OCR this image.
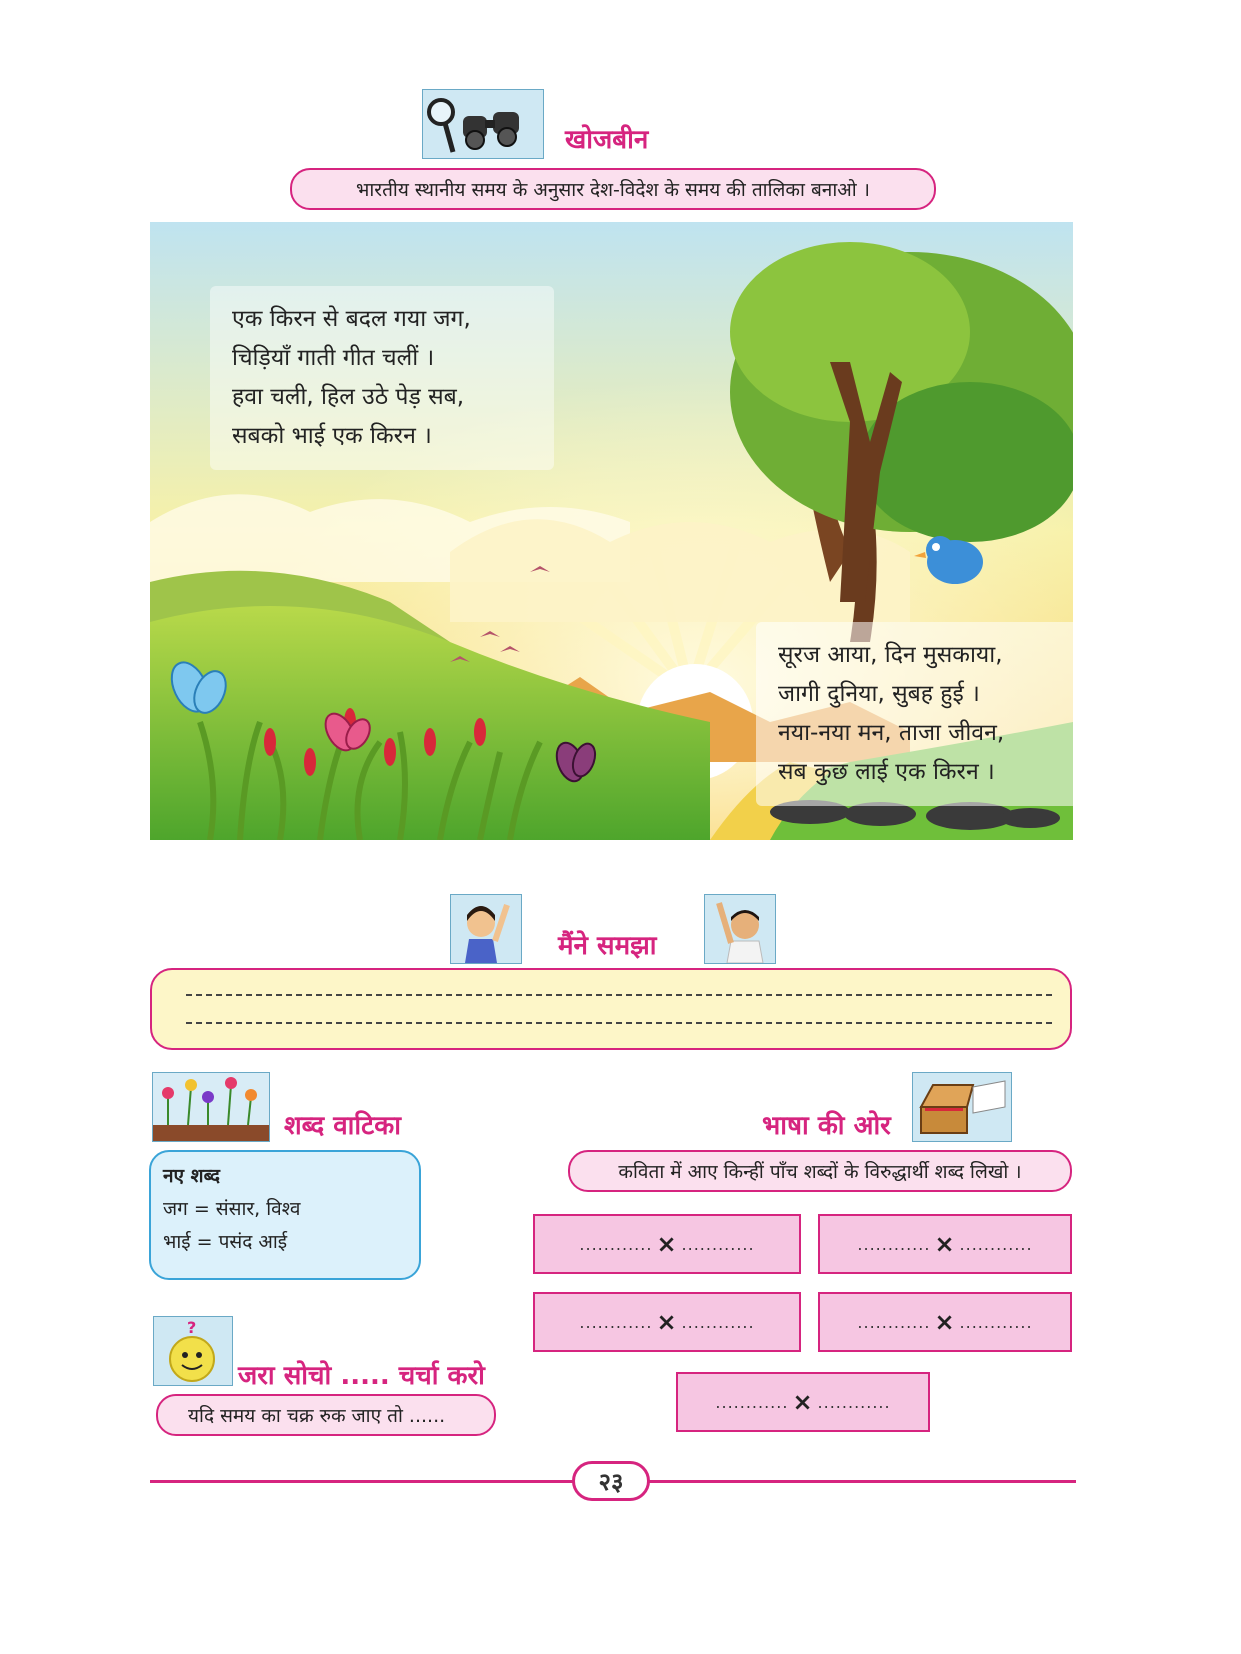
खोजबीन
भारतीय स्थानीय समय के अनुसार देश-विदेश के समय की तालिका बनाओ ।
एक किरन से बदल गया जग,
चिड़ियाँ गाती गीत चलीं ।
हवा चली, हिल उठे पेड़ सब,
सबको भाई एक किरन ।
सूरज आया, दिन मुसकाया,
जागी दुनिया, सुबह हुई ।
नया-नया मन, ताजा जीवन,
सब कुछ लाई एक किरन ।
मैंने समझा
शब्द वाटिका
नए शब्द
जग = संसार, विश्व
भाई = पसंद आई
?
जरा सोचो ..... चर्चा करो
यदि समय का चक्र रुक जाए तो ......
भाषा की ओर
कविता में आए किन्हीं पाँच शब्दों के विरुद्धार्थी शब्द लिखो ।
............ × ............	............ × ............
............ × ............	............ × ............
............ × ............
२३
